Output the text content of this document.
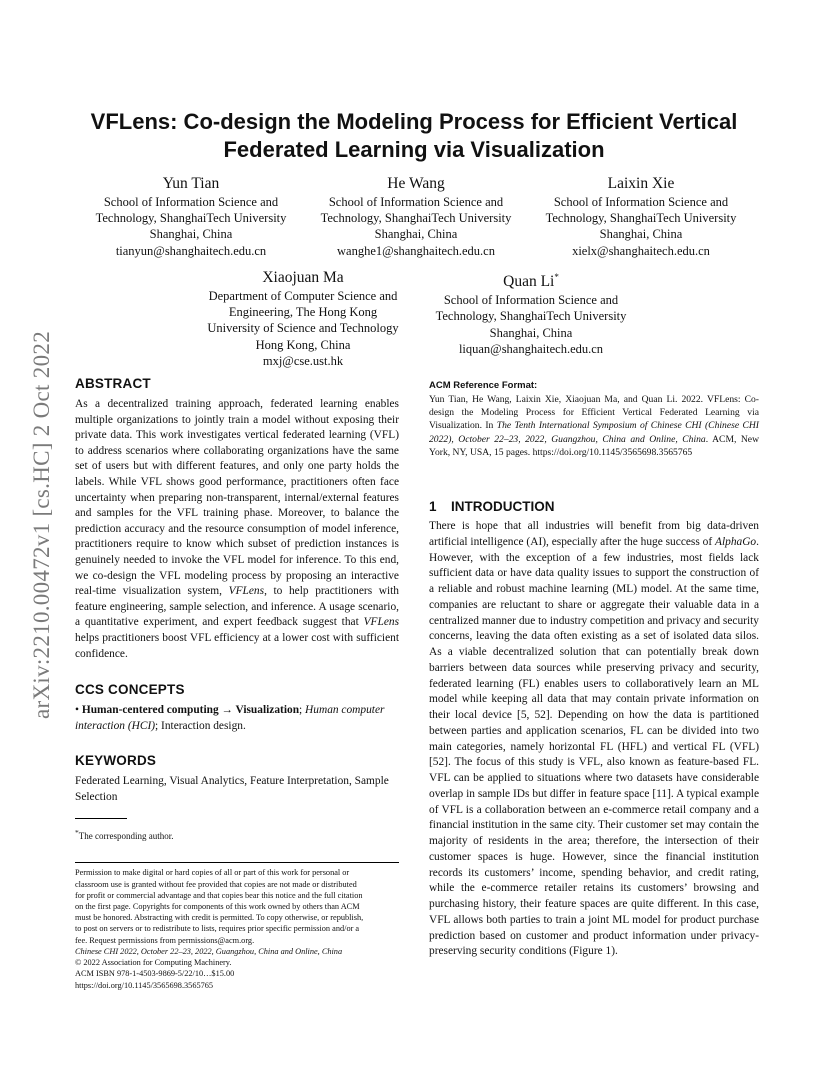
arXiv:2210.00472v1 [cs.HC] 2 Oct 2022
VFLens: Co-design the Modeling Process for Efficient Vertical Federated Learning via Visualization
Yun Tian
School of Information Science and
Technology, ShanghaiTech University
Shanghai, China
tianyun@shanghaitech.edu.cn
He Wang
School of Information Science and
Technology, ShanghaiTech University
Shanghai, China
wanghe1@shanghaitech.edu.cn
Laixin Xie
School of Information Science and
Technology, ShanghaiTech University
Shanghai, China
xielx@shanghaitech.edu.cn
Xiaojuan Ma
Department of Computer Science and
Engineering, The Hong Kong
University of Science and Technology
Hong Kong, China
mxj@cse.ust.hk
Quan Li*
School of Information Science and
Technology, ShanghaiTech University
Shanghai, China
liquan@shanghaitech.edu.cn
ABSTRACT

As a decentralized training approach, federated learning enables multiple organizations to jointly train a model without exposing their private data. This work investigates vertical federated learning (VFL) to address scenarios where collaborating organizations have the same set of users but with different features, and only one party holds the labels. While VFL shows good performance, practitioners often face uncertainty when preparing non-transparent, internal/external features and samples for the VFL training phase. Moreover, to balance the prediction accuracy and the resource consumption of model inference, practitioners require to know which subset of prediction instances is genuinely needed to invoke the VFL model for inference. To this end, we co-design the VFL modeling process by proposing an interactive real-time visualization system, VFLens, to help practitioners with feature engineering, sample selection, and inference. A usage scenario, a quantitative experiment, and expert feedback suggest that VFLens helps practitioners boost VFL efficiency at a lower cost with sufficient confidence.

CCS CONCEPTS
• Human-centered computing → Visualization; Human computer interaction (HCI); Interaction design.
KEYWORDS
Federated Learning, Visual Analytics, Feature Interpretation, Sample Selection
*The corresponding author.
Permission to make digital or hard copies of all or part of this work for personal or
classroom use is granted without fee provided that copies are not made or distributed
for profit or commercial advantage and that copies bear this notice and the full citation
on the first page. Copyrights for components of this work owned by others than ACM
must be honored. Abstracting with credit is permitted. To copy otherwise, or republish,
to post on servers or to redistribute to lists, requires prior specific permission and/or a
fee. Request permissions from permissions@acm.org.
Chinese CHI 2022, October 22–23, 2022, Guangzhou, China and Online, China
© 2022 Association for Computing Machinery.
ACM ISBN 978-1-4503-9869-5/22/10…$15.00
https://doi.org/10.1145/3565698.3565765
ACM Reference Format:
Yun Tian, He Wang, Laixin Xie, Xiaojuan Ma, and Quan Li. 2022. VFLens: Co-design the Modeling Process for Efficient Vertical Federated Learning via Visualization. In The Tenth International Symposium of Chinese CHI (Chinese CHI 2022), October 22–23, 2022, Guangzhou, China and Online, China. ACM, New York, NY, USA, 15 pages. https://doi.org/10.1145/3565698.3565765
1 INTRODUCTION

There is hope that all industries will benefit from big data-driven artificial intelligence (AI), especially after the huge success of AlphaGo. However, with the exception of a few industries, most fields lack sufficient data or have data quality issues to support the construction of a reliable and robust machine learning (ML) model. At the same time, companies are reluctant to share or aggregate their valuable data in a centralized manner due to industry competition and privacy and security concerns, leaving the data often existing as a set of isolated data silos. As a viable decentralized solution that can potentially break down barriers between data sources while preserving privacy and security, federated learning (FL) enables users to collaboratively learn an ML model while keeping all data that may contain private information on their local device [5, 52]. Depending on how the data is partitioned between parties and application scenarios, FL can be divided into two main categories, namely horizontal FL (HFL) and vertical FL (VFL) [52]. The focus of this study is VFL, also known as feature-based FL. VFL can be applied to situations where two datasets have considerable overlap in sample IDs but differ in feature space [11]. A typical example of VFL is a collaboration between an e-commerce retail company and a financial institution in the same city. Their customer set may contain the majority of residents in the area; therefore, the intersection of their customer spaces is huge. However, since the financial institution records its customers’ income, spending behavior, and credit rating, while the e-commerce retailer retains its customers’ browsing and purchasing history, their feature spaces are quite different. In this case, VFL allows both parties to train a joint ML model for product purchase prediction based on customer and product information under privacy-preserving security conditions (Figure 1).
